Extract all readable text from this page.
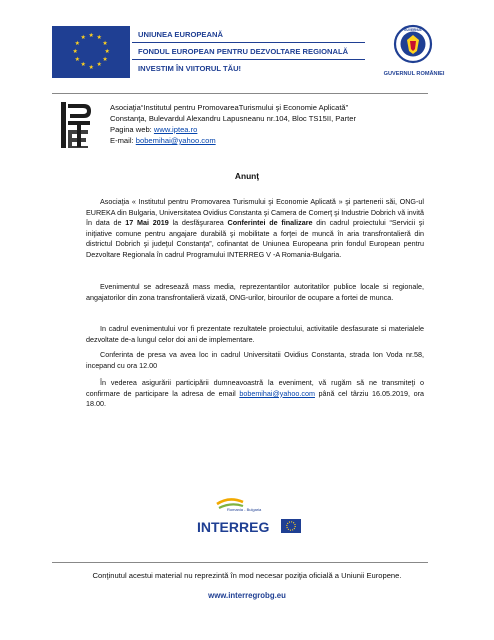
★ ★
★
★
★
★
★
★
★
★
★
★	UNIUNEA EUROPEANĂ
FONDUL EUROPEAN PENTRU DEZVOLTARE REGIONALĂ
INVESTIM ÎN VIITORUL TĂU!
GUVERNUL
GUVERNUL ROMÂNIEI
Asociaţia“Institutul pentru PromovareaTurismului şi Economie Aplicată”
Constanţa, Bulevardul Alexandru Lapusneanu nr.104, Bloc TS15II, Parter
Pagina web: www.iptea.ro
E-mail: bobemihai@yahoo.com
Anunţ
Asociaţia « Institutul pentru Promovarea Turismului şi Economie Aplicată » şi partenerii săi, ONG-ul EUREKA din Bulgaria, Universitatea Ovidius Constanta şi Camera de Comerţ şi Industrie Dobrich vă invită în data de 17 Mai 2019 la desfăşurarea Conferintei de finalizare din cadrul proiectului “Servicii şi iniţiative comune pentru angajare durabilă şi mobilitate a forţei de muncă în aria transfrontalieră din districtul Dobrich şi judeţul Constanţa”, cofinantat de Uniunea Europeana prin fondul European pentru Dezvoltare Regionala în cadrul Programului INTERREG V -A Romania-Bulgaria.
Evenimentul se adresează mass media, reprezentantilor autoritatilor publice locale si regionale, angajatorilor din zona transfrontalieră vizată, ONG-urilor, birourilor de ocupare a fortei de munca.
In cadrul evenimentului vor fi prezentate rezultatele proiectului, activitatile desfasurate si materialele dezvoltate de-a lungul celor doi ani de implementare.
Conferinta de presa va avea loc in cadrul Universitatii Ovidius Constanta, strada Ion Voda nr.58, incepand cu ora 12.00
În vederea asigurării participării dumneavoastră la eveniment, vă rugăm să ne transmiteţi o confirmare de participare la adresa de email bobemihai@yahoo.com până cel târziu 16.05.2019, ora 18.00.
Romania - Bulgaria
INTERREG
Conţinutul acestui material nu reprezintă în mod necesar poziţia oficială a Uniunii Europene.
www.interregrobg.eu
